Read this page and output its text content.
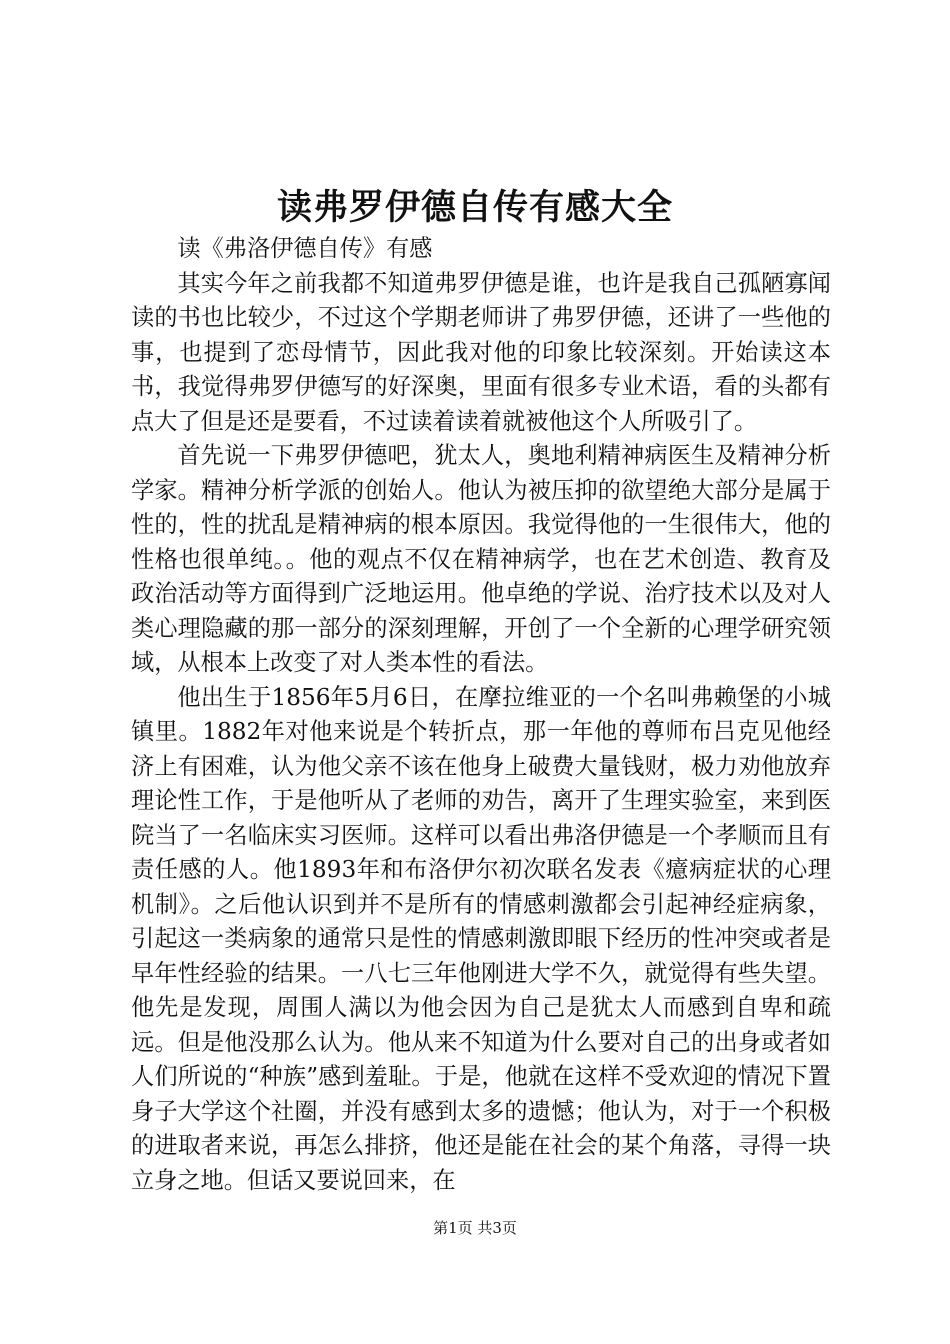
读弗罗伊德自传有感大全

读《弗洛伊德自传》有感

其实今年之前我都不知道弗罗伊德是谁，也许是我自己孤陋寡闻读的书也比较少，不过这个学期老师讲了弗罗伊德，还讲了一些他的事，也提到了恋母情节，因此我对他的印象比较深刻。开始读这本书，我觉得弗罗伊德写的好深奥，里面有很多专业术语，看的头都有点大了但是还是要看，不过读着读着就被他这个人所吸引了。

首先说一下弗罗伊德吧，犹太人，奥地利精神病医生及精神分析学家。精神分析学派的创始人。他认为被压抑的欲望绝大部分是属于性的，性的扰乱是精神病的根本原因。我觉得他的一生很伟大，他的性格也很单纯。。他的观点不仅在精神病学，也在艺术创造、教育及政治活动等方面得到广泛地运用。他卓绝的学说、治疗技术以及对人类心理隐藏的那一部分的深刻理解，开创了一个全新的心理学研究领域，从根本上改变了对人类本性的看法。

他出生于1856年5月6日，在摩拉维亚的一个名叫弗赖堡的小城镇里。1882年对他来说是个转折点，那一年他的尊师布吕克见他经济上有困难，认为他父亲不该在他身上破费大量钱财，极力劝他放弃理论性工作，于是他听从了老师的劝告，离开了生理实验室，来到医院当了一名临床实习医师。这样可以看出弗洛伊德是一个孝顺而且有责任感的人。他1893年和布洛伊尔初次联名发表《癔病症状的心理机制》。之后他认识到并不是所有的情感刺激都会引起神经症病象，引起这一类病象的通常只是性的情感刺激即眼下经历的性冲突或者是早年性经验的结果。一八七三年他刚进大学不久，就觉得有些失望。他先是发现，周围人满以为他会因为自己是犹太人而感到自卑和疏远。但是他没那么认为。他从来不知道为什么要对自己的出身或者如人们所说的“种族”感到羞耻。于是，他就在这样不受欢迎的情况下置身子大学这个社圈，并没有感到太多的遗憾；他认为，对于一个积极的进取者来说，再怎么排挤，他还是能在社会的某个角落，寻得一块立身之地。但话又要说回来，在

第1页 共3页
